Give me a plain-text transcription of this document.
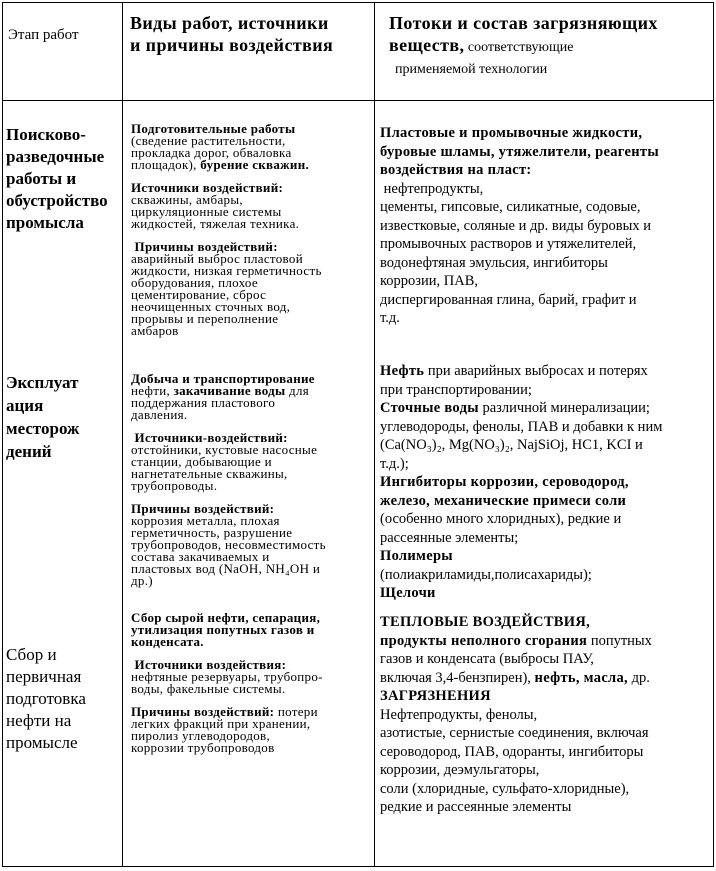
Этап работ
Виды работ, источники
и причины воздействия
Потоки и состав загрязняющих
веществ, соответствующие
применяемой технологии
Поисково-
разведочные
работы и
обустройство
промысла
Подготовительные работы
(сведение растительности,
прокладка дорог, обваловка
площадок), бурение скважин.
Источники воздействий:
скважины, амбары,
циркуляционные системы
жидкостей, тяжелая техника.
Причины воздействий:
аварийный выброс пластовой
жидкости, низкая герметичность
оборудования, плохое
цементирование, сброс
неочищенных сточных вод,
прорывы и переполнение
амбаров
Пластовые и промывочные жидкости,
буровые шламы, утяжелители, реагенты
воздействия на пласт:
нефтепродукты,
цементы, гипсовые, силикатные, содовые,
известковые, соляные и др. виды буровых и
промывочных растворов и утяжелителей,
водонефтяная эмульсия, ингибиторы
коррозии, ПАВ,
диспергированная глина, барий, графит и
т.д.
Эксплуат
ация
месторож
дений
Добыча и транспортирование
нефти, закачивание воды для
поддержания пластового
давления.
Источники-воздействий:
отстойники, кустовые насосные
станции, добывающие и
нагнетательные скважины,
трубопроводы.
Причины воздействий:
коррозия металла, плохая
герметичность, разрушение
трубопроводов, несовместимость
состава закачиваемых и
пластовых вод (NaOH, NH₄OH и
др.)
Нефть при аварийных выбросах и потерях
при транспортировании;
Сточные воды различной минерализации;
углеводороды, фенолы, ПАВ и добавки к ним
(Ca(NO₃)₂, Mg(NO₃)₂, NajSiOj, HC1, KCI и
т.д.);
Ингибиторы коррозии, сероводород,
железо, механические примеси соли
(особенно много хлоридных), редкие и
рассеянные элементы;
Полимеры
(полиакриламиды,полисахариды);
Щелочи
Сбор и
первичная
подготовка
нефти на
промысле
Сбор сырой нефти, сепарация,
утилизация попутных газов и
конденсата.
Источники воздействия:
нефтяные резервуары, трубопро-
воды, факельные системы.
Причины воздействий: потери
легких фракций при хранении,
пиролиз углеводородов,
коррозии трубопроводов
ТЕПЛОВЫЕ ВОЗДЕЙСТВИЯ,
продукты неполного сгорания попутных
газов и конденсата (выбросы ПАУ,
включая 3,4-бензпирен), нефть, масла, др.
ЗАГРЯЗНЕНИЯ
Нефтепродукты, фенолы,
азотистые, сернистые соединения, включая
сероводород, ПАВ, одоранты, ингибиторы
коррозии, деэмульгаторы,
соли (хлоридные, сульфато-хлоридные),
редкие и рассеянные элементы
